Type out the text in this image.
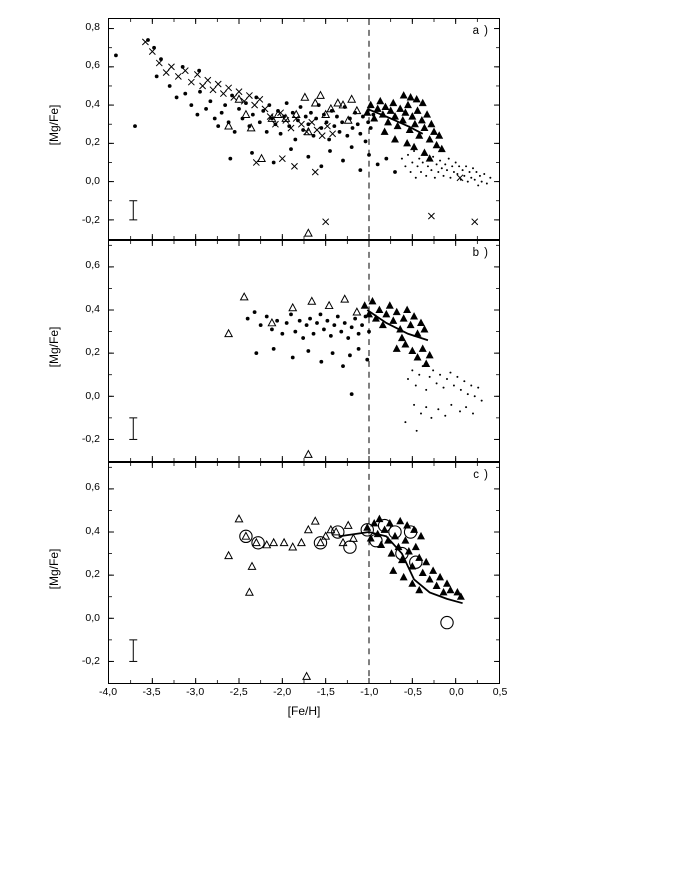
a )
b )
c )
[Mg/Fe]
[Mg/Fe]
[Mg/Fe]
[Fe/H]
-0,2
0,0
0,2
0,4
0,6
0,8
-0,2
0,0
0,2
0,4
0,6
-0,2
0,0
0,2
0,4
0,6
-4,0	-3,5	-3,0	-2,5	-2,0	-1,5	-1,0	-0,5	0,0	0,5
